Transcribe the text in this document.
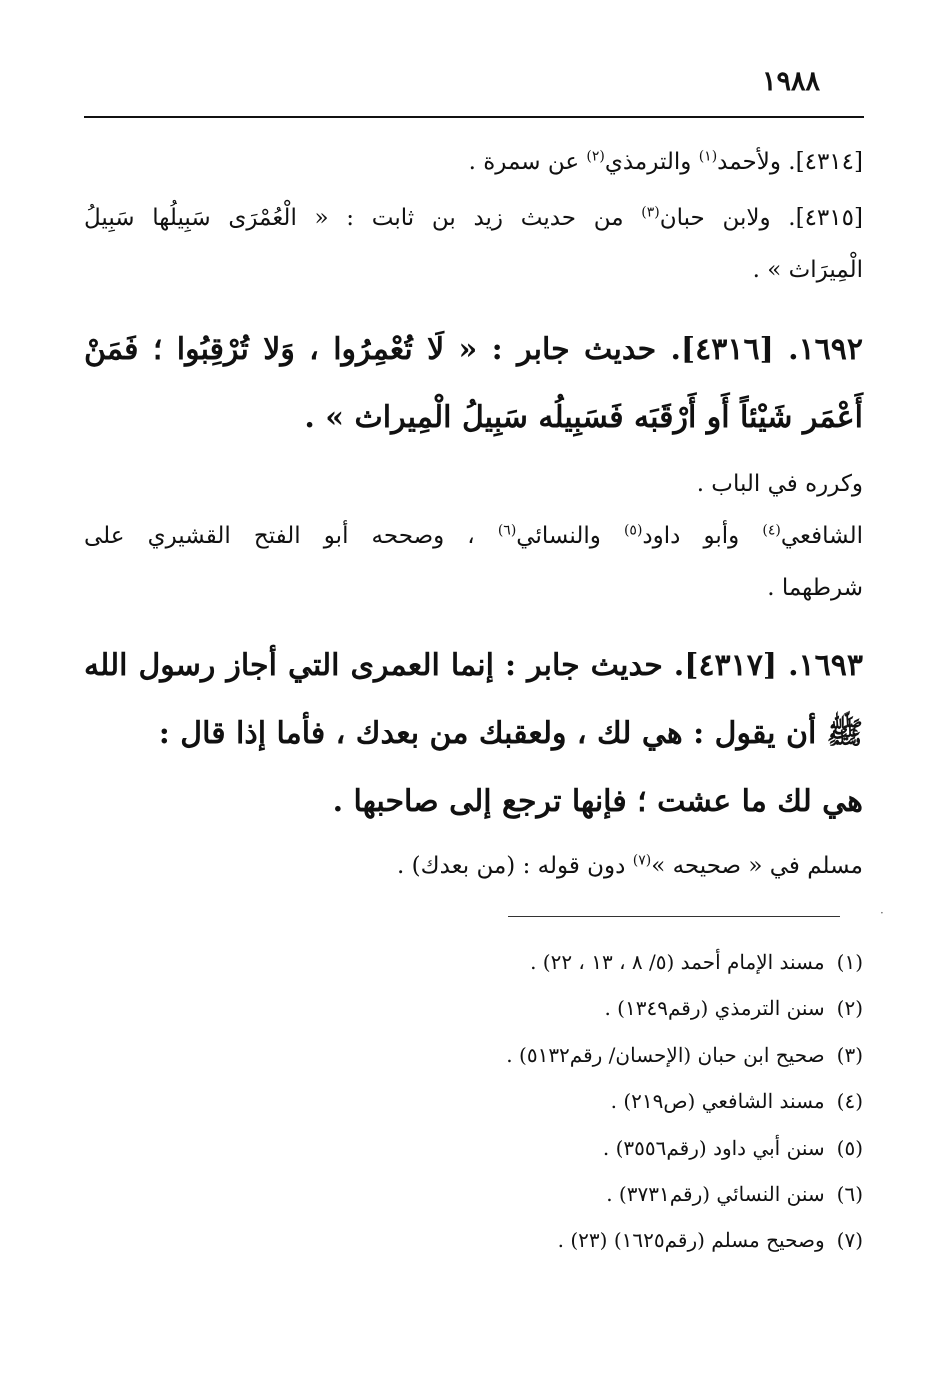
١٩٨٨
[٤٣١٤]. ولأحمد$^{(١)}$ والترمذي$^{(٢)}$ عن سمرة .
[٤٣١٥]. ولابن حبان$^{(٣)}$ من حديث زيد بن ثابت : « الْعُمْرَى سَبِيلُها سَبِيلُ
الْمِيرَاث » .
١٦٩٢. [٤٣١٦]. حديث جابر : « لَا تُعْمِرُوا ، وَلا تُرْقِبُوا ؛ فَمَنْ
أَعْمَر شَيْئاً أَو أَرْقَبَه فَسَبِيلُه سَبِيلُ الْمِيراث » .
وكرره في الباب .
الشافعي$^{(٤)}$ وأبو داود$^{(٥)}$ والنسائي$^{(٦)}$ ، وصححه أبو الفتح القشيري على
شرطهما .
١٦٩٣. [٤٣١٧]. حديث جابر : إنما العمرى التي أجاز رسول الله
ﷺ أن يقول : هي لك ، ولعقبك من بعدك ، فأما إذا قال :
هي لك ما عشت ؛ فإنها ترجع إلى صاحبها .
مسلم في « صحيحه »$^{(٧)}$ دون قوله : (من بعدك) .
·
(١)مسند الإمام أحمد (٥/ ٨ ، ١٣ ، ٢٢) .
(٢)سنن الترمذي (رقم١٣٤٩) .
(٣)صحيح ابن حبان (الإحسان/ رقم٥١٣٢) .
(٤)مسند الشافعي (ص٢١٩) .
(٥)سنن أبي داود (رقم٣٥٥٦) .
(٦)سنن النسائي (رقم٣٧٣١) .
(٧)وصحيح مسلم (رقم١٦٢٥) (٢٣) .
